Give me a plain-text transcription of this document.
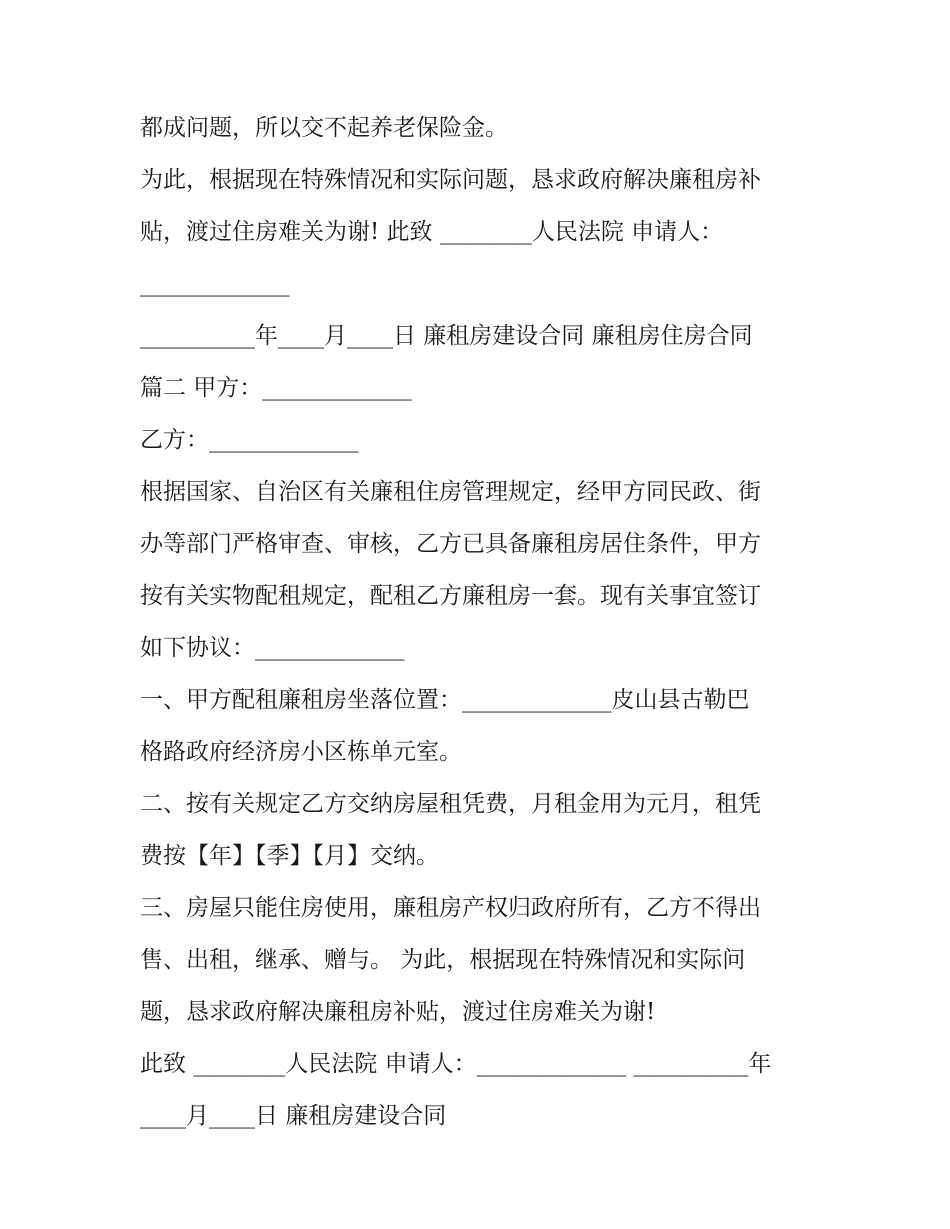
都成问题，所以交不起养老保险金。
为此，根据现在特殊情况和实际问题，恳求政府解决廉租房补
贴，渡过住房难关为谢! 此致 ________人民法院 申请人：
_____________
__________年____月____日 廉租房建设合同 廉租房住房合同
篇二 甲方：_____________
乙方：_____________
根据国家、自治区有关廉租住房管理规定，经甲方同民政、街
办等部门严格审查、审核，乙方已具备廉租房居住条件，甲方
按有关实物配租规定，配租乙方廉租房一套。现有关事宜签订
如下协议：_____________
一、甲方配租廉租房坐落位置：_____________皮山县古勒巴
格路政府经济房小区栋单元室。
二、按有关规定乙方交纳房屋租凭费，月租金用为元月，租凭
费按【年】【季】【月】交纳。
三、房屋只能住房使用，廉租房产权归政府所有，乙方不得出
售、出租，继承、赠与。 为此，根据现在特殊情况和实际问
题，恳求政府解决廉租房补贴，渡过住房难关为谢!
此致 ________人民法院 申请人：_____________ __________年
____月____日 廉租房建设合同
